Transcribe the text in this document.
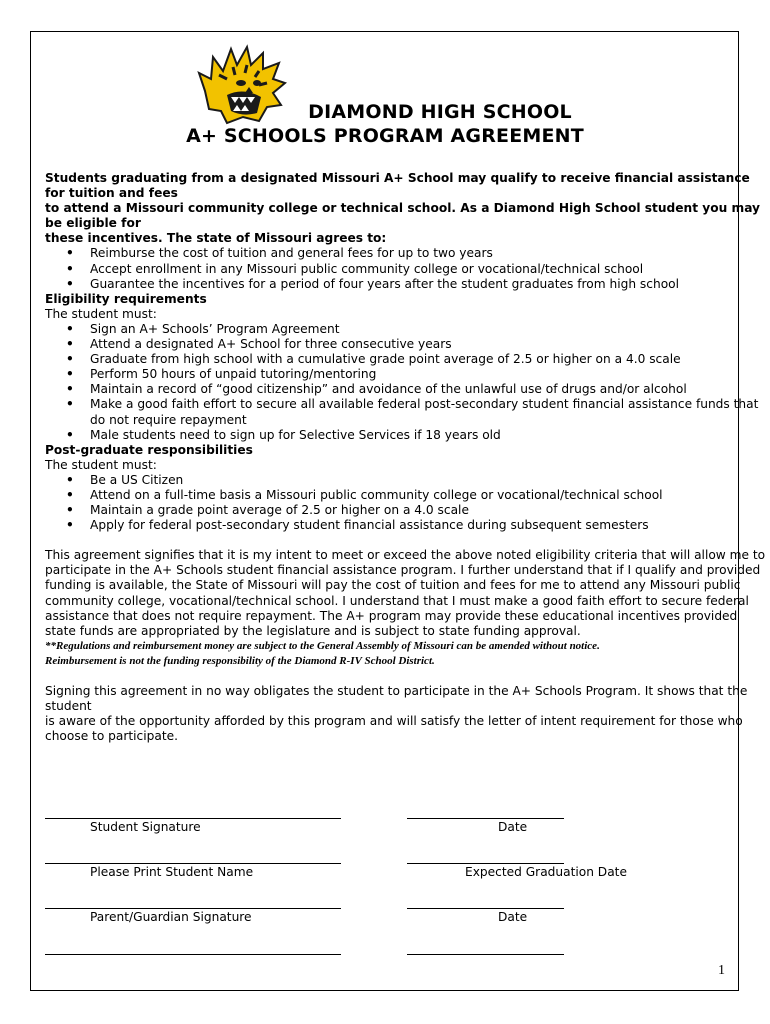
DIAMOND HIGH SCHOOL
A+ SCHOOLS PROGRAM AGREEMENT

Students graduating from a designated Missouri A+ School may qualify to receive financial assistance for tuition and fees

to attend a Missouri community college or technical school. As a Diamond High School student you may be eligible for

these incentives. The state of Missouri agrees to:

• Reimburse the cost of tuition and general fees for up to two years
• Accept enrollment in any Missouri public community college or vocational/technical school
• Guarantee the incentives for a period of four years after the student graduates from high school

Eligibility requirements

The student must:

• Sign an A+ Schools’ Program Agreement
• Attend a designated A+ School for three consecutive years
• Graduate from high school with a cumulative grade point average of 2.5 or higher on a 4.0 scale
• Perform 50 hours of unpaid tutoring/mentoring
• Maintain a record of “good citizenship” and avoidance of the unlawful use of drugs and/or alcohol
• Make a good faith effort to secure all available federal post-secondary student financial assistance funds that do not require repayment
• Male students need to sign up for Selective Services if 18 years old

Post-graduate responsibilities

The student must:

• Be a US Citizen
• Attend on a full-time basis a Missouri public community college or vocational/technical school
• Maintain a grade point average of 2.5 or higher on a 4.0 scale
• Apply for federal post-secondary student financial assistance during subsequent semesters

This agreement signifies that it is my intent to meet or exceed the above noted eligibility criteria that will allow me to

participate in the A+ Schools student financial assistance program. I further understand that if I qualify and provided

funding is available, the State of Missouri will pay the cost of tuition and fees for me to attend any Missouri public

community college, vocational/technical school. I understand that I must make a good faith effort to secure federal

assistance that does not require repayment. The A+ program may provide these educational incentives provided

state funds are appropriated by the legislature and is subject to state funding approval.

**Regulations and reimbursement money are subject to the General Assembly of Missouri can be amended without notice.

Reimbursement is not the funding responsibility of the Diamond R-IV School District.

Signing this agreement in no way obligates the student to participate in the A+ Schools Program. It shows that the student

is aware of the opportunity afforded by this program and will satisfy the letter of intent requirement for those who

choose to participate.

Student Signature	Date
Please Print Student Name	Expected Graduation Date
Parent/Guardian Signature	Date
1
